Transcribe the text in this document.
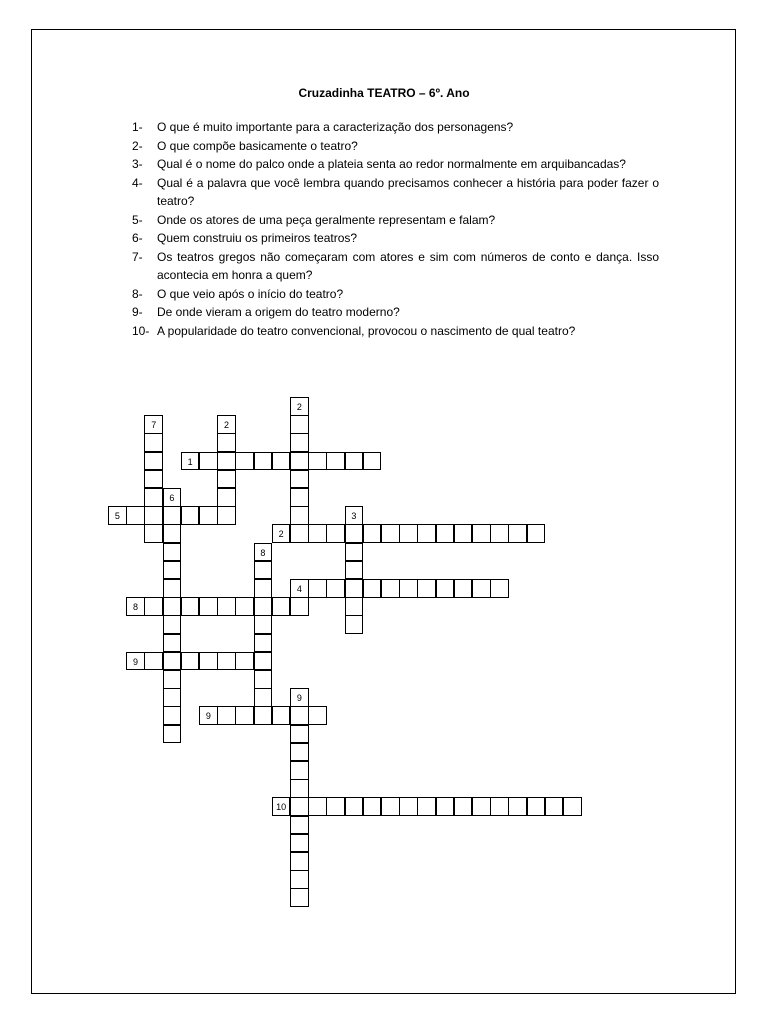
Cruzadinha TEATRO – 6º. Ano
1- O que é muito importante para a caracterização dos personagens?
2- O que compõe basicamente o teatro?
3- Qual é o nome do palco onde a plateia senta ao redor normalmente em arquibancadas?
4- Qual é a palavra que você lembra quando precisamos conhecer a história para poder fazer o teatro?
5- Onde os atores de uma peça geralmente representam e falam?
6- Quem construiu os primeiros teatros?
7- Os teatros gregos não começaram com atores e sim com números de conto e dança. Isso acontecia em honra a quem?
8- O que veio após o início do teatro?
9- De onde vieram a origem do teatro moderno?
10- A popularidade do teatro convencional, provocou o nascimento de qual teatro?
2
7	2
6
3
8
9
1
5
2
4
8
9
9
10
